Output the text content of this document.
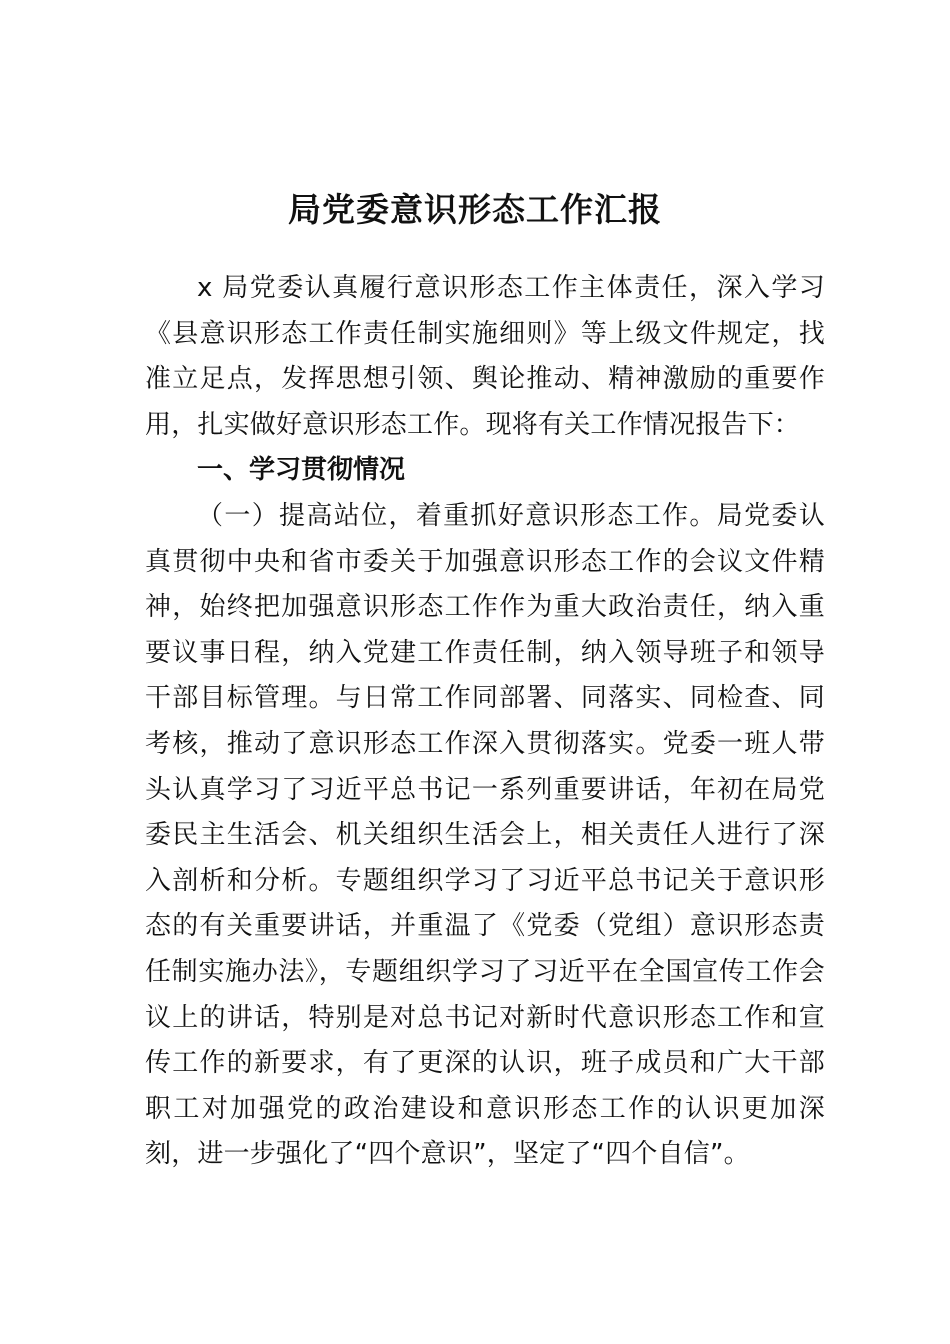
局党委意识形态工作汇报

x 局党委认真履行意识形态工作主体责任，深入学习《县意识形态工作责任制实施细则》等上级文件规定，找准立足点，发挥思想引领、舆论推动、精神激励的重要作用，扎实做好意识形态工作。现将有关工作情况报告下：

一、学习贯彻情况

（一）提高站位，着重抓好意识形态工作。局党委认真贯彻中央和省市委关于加强意识形态工作的会议文件精神，始终把加强意识形态工作作为重大政治责任，纳入重要议事日程，纳入党建工作责任制，纳入领导班子和领导干部目标管理。与日常工作同部署、同落实、同检查、同考核，推动了意识形态工作深入贯彻落实。党委一班人带头认真学习了习近平总书记一系列重要讲话，年初在局党委民主生活会、机关组织生活会上，相关责任人进行了深入剖析和分析。专题组织学习了习近平总书记关于意识形态的有关重要讲话，并重温了《党委（党组）意识形态责任制实施办法》，专题组织学习了习近平在全国宣传工作会议上的讲话，特别是对总书记对新时代意识形态工作和宣传工作的新要求，有了更深的认识，班子成员和广大干部职工对加强党的政治建设和意识形态工作的认识更加深刻，进一步强化了“四个意识”，坚定了“四个自信”。
